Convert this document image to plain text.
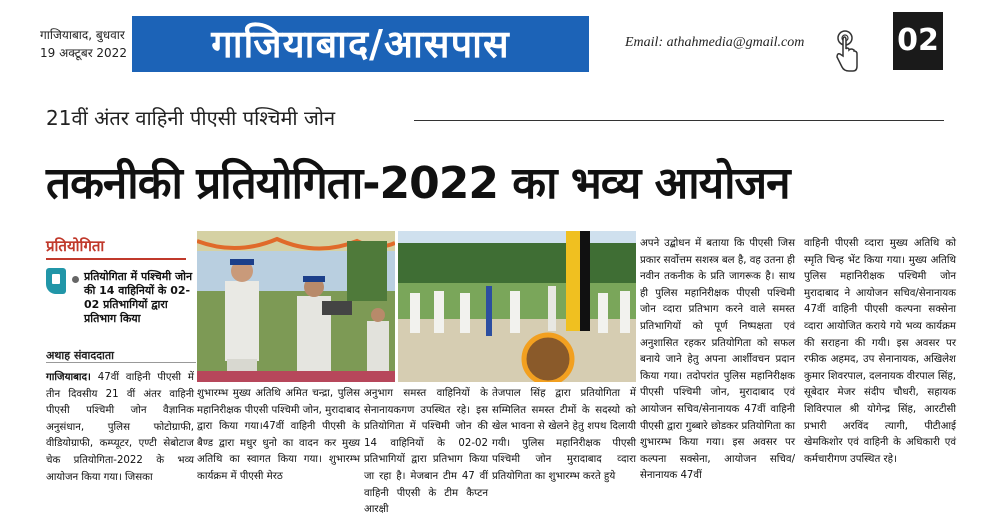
गाजियाबाद, बुधवार
19 अक्टूबर 2022	गाजियाबाद/आसपास	Email: athahmedia@gmail.com	02
21वीं अंतर वाहिनी पीएसी पश्चिमी जोन
तकनीकी प्रतियोगिता-2022 का भव्य आयोजन
प्रतियोगिता
प्रतियोगिता में पश्चिमी जोन की 14 वाहिनियों के 02-02 प्रतिभागियों द्वारा प्रतिभाग किया
अथाह संवाददाता
गाजियाबाद। 47वीं वाहिनी पीएसी में तीन दिवसीय 21 वीं अंतर वाहिनी पीएसी पश्चिमी जोन वैज्ञानिक अनुसंधान, पुलिस फोटोग्राफी, वीडियोग्राफी, कम्प्यूटर, एण्टी सेबोटाज चेक प्रतियोगिता-2022 के भव्य आयोजन किया गया। जिसका
शुभारम्भ मुख्य अतिथि अमित चन्द्रा, पुलिस महानिरीक्षक पीएसी पश्चिमी जोन, मुरादाबाद द्वारा किया गया।47वीं वाहिनी पीएसी के बैण्ड द्वारा मधुर धुनो का वादन कर मुख्य अतिथि का स्वागत किया गया। शुभारम्भ कार्यक्रम में पीएसी मेरठ
अनुभाग समस्त वाहिनियों के सेनानायकगण उपस्थित रहे। इस प्रतियोगिता में पश्चिमी जोन की 14 वाहिनियों के 02-02 प्रतिभागियों द्वारा प्रतिभाग किया जा रहा है। मेजबान टीम 47 वीं वाहिनी पीएसी के टीम कैप्टन आरक्षी
तेजपाल सिंह द्वारा प्रतियोगिता में सम्मिलित समस्त टीमों के सदस्यो को खेल भावना से खेलने हेतु शपथ दिलायी गयी। पुलिस महानिरीक्षक पीएसी पश्चिमी जोन मुरादाबाद व्दारा प्रतियोगिता का शुभारम्भ करते हुये
अपने उद्बोधन में बताया कि पीएसी जिस प्रकार सर्वोत्तम सशस्त्र बल है, वह उतना ही नवीन तकनीक के प्रति जागरूक है। साथ ही पुलिस महानिरीक्षक पीएसी पश्चिमी जोन व्दारा प्रतिभाग करने वाले समस्त प्रतिभागियों को पूर्ण निष्पक्षता एवं अनुशासित रहकर प्रतियोगिता को सफल बनाये जाने हेतु अपना आर्शीवचन प्रदान किया गया। तदोपरांत पुलिस महानिरीक्षक पीएसी पश्चिमी जोन, मुरादाबाद एवं आयोजन सचिव/सेनानायक 47वीं वाहिनी पीएसी द्वारा गुब्बारे छोडकर प्रतियोगिता का शुभारम्भ किया गया। इस अवसर पर कल्पना सक्सेना, आयोजन सचिव/सेनानायक 47वीं
वाहिनी पीएसी व्दारा मुख्य अतिथि को स्मृति चिन्ह भेंट किया गया। मुख्य अतिथि पुलिस महानिरीक्षक पश्चिमी जोन मुरादाबाद ने आयोजन सचिव/सेनानायक 47वीं वाहिनी पीएसी कल्पना सक्सेना व्दारा आयोजित कराये गये भव्य कार्यक्रम की सराहना की गयी। इस अवसर पर रफीक अहमद, उप सेनानायक, अखिलेश कुमार शिवरपाल, दलनायक वीरपाल सिंह, सूबेदार मेजर संदीप चौधरी, सहायक शिविरपाल श्री योगेन्द्र सिंह, आरटीसी प्रभारी अरविंद त्यागी, पीटीआई खेमकिशोर एवं वाहिनी के अधिकारी एवं कर्मचारीगण उपस्थित रहे।
